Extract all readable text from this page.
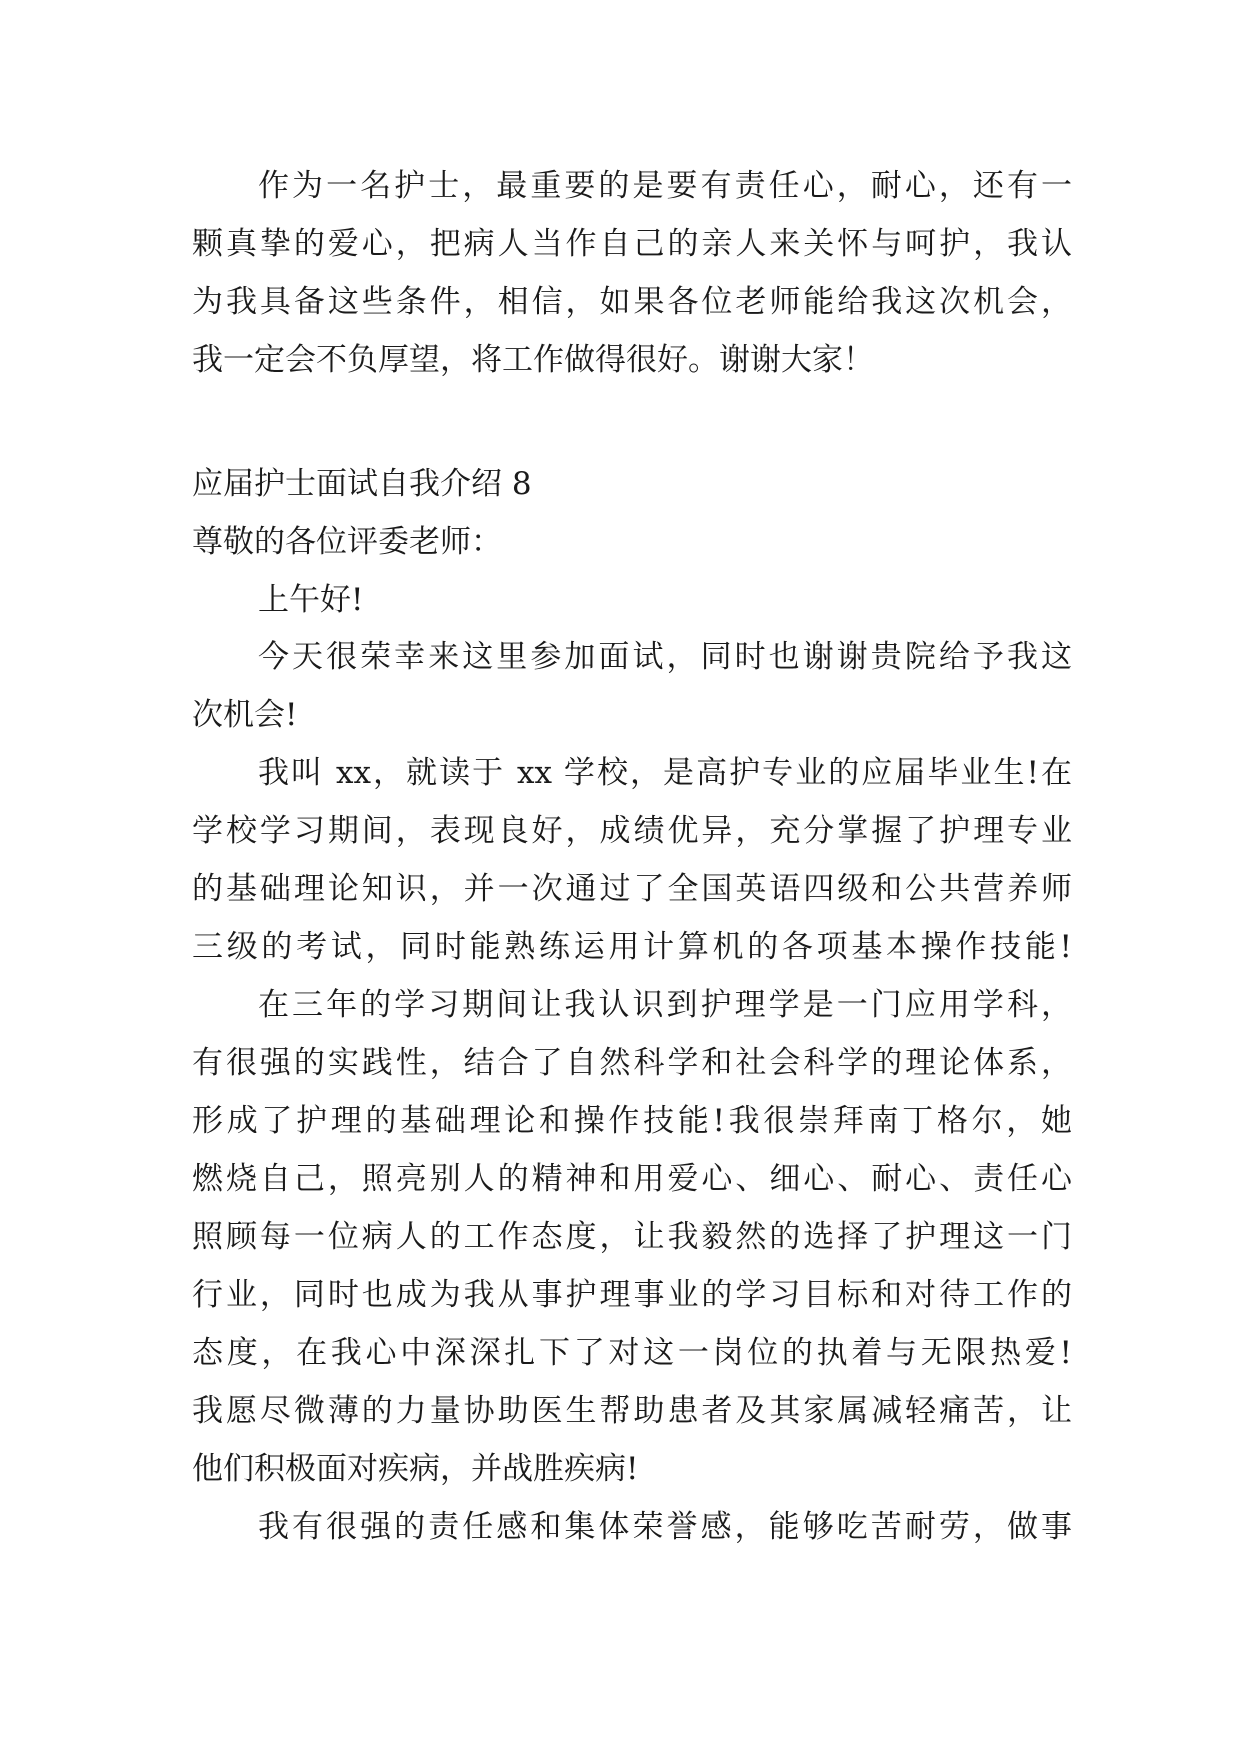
作为一名护士，最重要的是要有责任心，耐心，还有一
颗真挚的爱心，把病人当作自己的亲人来关怀与呵护，我认
为我具备这些条件，相信，如果各位老师能给我这次机会，
我一定会不负厚望，将工作做得很好。谢谢大家！
应届护士面试自我介绍 8
尊敬的各位评委老师：
上午好!
今天很荣幸来这里参加面试，同时也谢谢贵院给予我这
次机会!
我叫 xx，就读于 xx 学校，是高护专业的应届毕业生!在
学校学习期间，表现良好，成绩优异，充分掌握了护理专业
的基础理论知识，并一次通过了全国英语四级和公共营养师
三级的考试，同时能熟练运用计算机的各项基本操作技能!
在三年的学习期间让我认识到护理学是一门应用学科，
有很强的实践性，结合了自然科学和社会科学的理论体系，
形成了护理的基础理论和操作技能!我很崇拜南丁格尔，她
燃烧自己，照亮别人的精神和用爱心、细心、耐心、责任心
照顾每一位病人的工作态度，让我毅然的选择了护理这一门
行业，同时也成为我从事护理事业的学习目标和对待工作的
态度，在我心中深深扎下了对这一岗位的执着与无限热爱!
我愿尽微薄的力量协助医生帮助患者及其家属减轻痛苦，让
他们积极面对疾病，并战胜疾病!
我有很强的责任感和集体荣誉感，能够吃苦耐劳，做事
